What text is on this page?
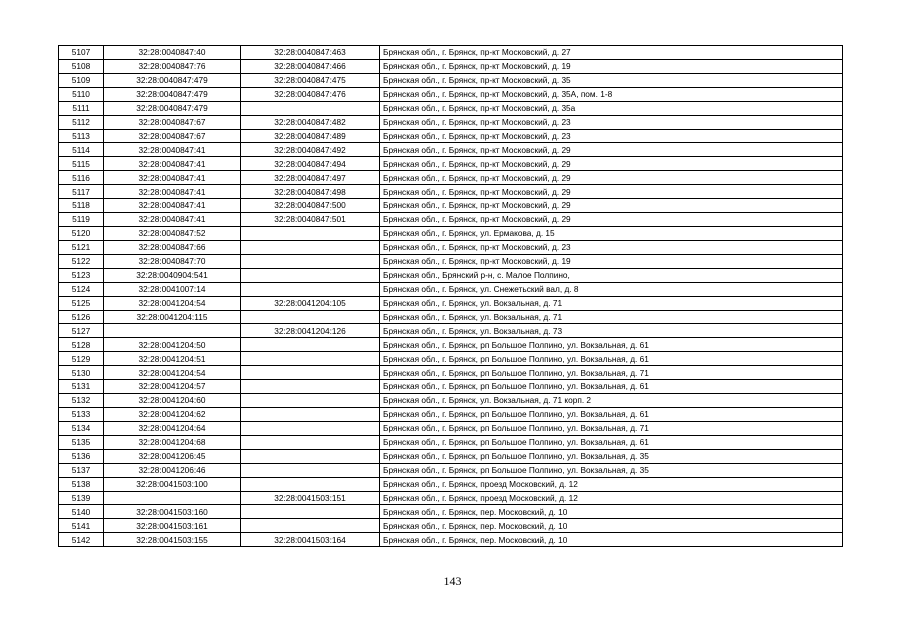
5107	32:28:0040847:40	32:28:0040847:463	Брянская обл., г. Брянск, пр-кт Московский, д. 27
5108	32:28:0040847:76	32:28:0040847:466	Брянская обл., г. Брянск, пр-кт Московский, д. 19
5109	32:28:0040847:479	32:28:0040847:475	Брянская обл., г. Брянск, пр-кт Московский, д. 35
5110	32:28:0040847:479	32:28:0040847:476	Брянская обл., г. Брянск, пр-кт Московский, д. 35А, пом. 1-8
5111	32:28:0040847:479		Брянская обл., г. Брянск, пр-кт Московский, д. 35а
5112	32:28:0040847:67	32:28:0040847:482	Брянская обл., г. Брянск, пр-кт Московский, д. 23
5113	32:28:0040847:67	32:28:0040847:489	Брянская обл., г. Брянск, пр-кт Московский, д. 23
5114	32:28:0040847:41	32:28:0040847:492	Брянская обл., г. Брянск, пр-кт Московский, д. 29
5115	32:28:0040847:41	32:28:0040847:494	Брянская обл., г. Брянск, пр-кт Московский, д. 29
5116	32:28:0040847:41	32:28:0040847:497	Брянская обл., г. Брянск, пр-кт Московский, д. 29
5117	32:28:0040847:41	32:28:0040847:498	Брянская обл., г. Брянск, пр-кт Московский, д. 29
5118	32:28:0040847:41	32:28:0040847:500	Брянская обл., г. Брянск, пр-кт Московский, д. 29
5119	32:28:0040847:41	32:28:0040847:501	Брянская обл., г. Брянск, пр-кт Московский, д. 29
5120	32:28:0040847:52		Брянская обл., г. Брянск, ул. Ермакова, д. 15
5121	32:28:0040847:66		Брянская обл., г. Брянск, пр-кт Московский, д. 23
5122	32:28:0040847:70		Брянская обл., г. Брянск, пр-кт Московский, д. 19
5123	32:28:0040904:541		Брянская обл., Брянский р-н, с. Малое Полпино,
5124	32:28:0041007:14		Брянская обл., г. Брянск, ул. Снежетьский вал, д. 8
5125	32:28:0041204:54	32:28:0041204:105	Брянская обл., г. Брянск, ул. Вокзальная, д. 71
5126	32:28:0041204:115		Брянская обл., г. Брянск, ул. Вокзальная, д. 71
5127		32:28:0041204:126	Брянская обл., г. Брянск, ул. Вокзальная, д. 73
5128	32:28:0041204:50		Брянская обл., г. Брянск, рп Большое Полпино, ул. Вокзальная, д. 61
5129	32:28:0041204:51		Брянская обл., г. Брянск, рп Большое Полпино, ул. Вокзальная, д. 61
5130	32:28:0041204:54		Брянская обл., г. Брянск, рп Большое Полпино, ул. Вокзальная, д. 71
5131	32:28:0041204:57		Брянская обл., г. Брянск, рп Большое Полпино, ул. Вокзальная, д. 61
5132	32:28:0041204:60		Брянская обл., г. Брянск, ул. Вокзальная, д. 71 корп. 2
5133	32:28:0041204:62		Брянская обл., г. Брянск, рп Большое Полпино, ул. Вокзальная, д. 61
5134	32:28:0041204:64		Брянская обл., г. Брянск, рп Большое Полпино, ул. Вокзальная, д. 71
5135	32:28:0041204:68		Брянская обл., г. Брянск, рп Большое Полпино, ул. Вокзальная, д. 61
5136	32:28:0041206:45		Брянская обл., г. Брянск, рп Большое Полпино, ул. Вокзальная, д. 35
5137	32:28:0041206:46		Брянская обл., г. Брянск, рп Большое Полпино, ул. Вокзальная, д. 35
5138	32:28:0041503:100		Брянская обл., г. Брянск, проезд Московский, д. 12
5139		32:28:0041503:151	Брянская обл., г. Брянск, проезд Московский, д. 12
5140	32:28:0041503:160		Брянская обл., г. Брянск, пер. Московский, д. 10
5141	32:28:0041503:161		Брянская обл., г. Брянск, пер. Московский, д. 10
5142	32:28:0041503:155	32:28:0041503:164	Брянская обл., г. Брянск, пер. Московский, д. 10
143
